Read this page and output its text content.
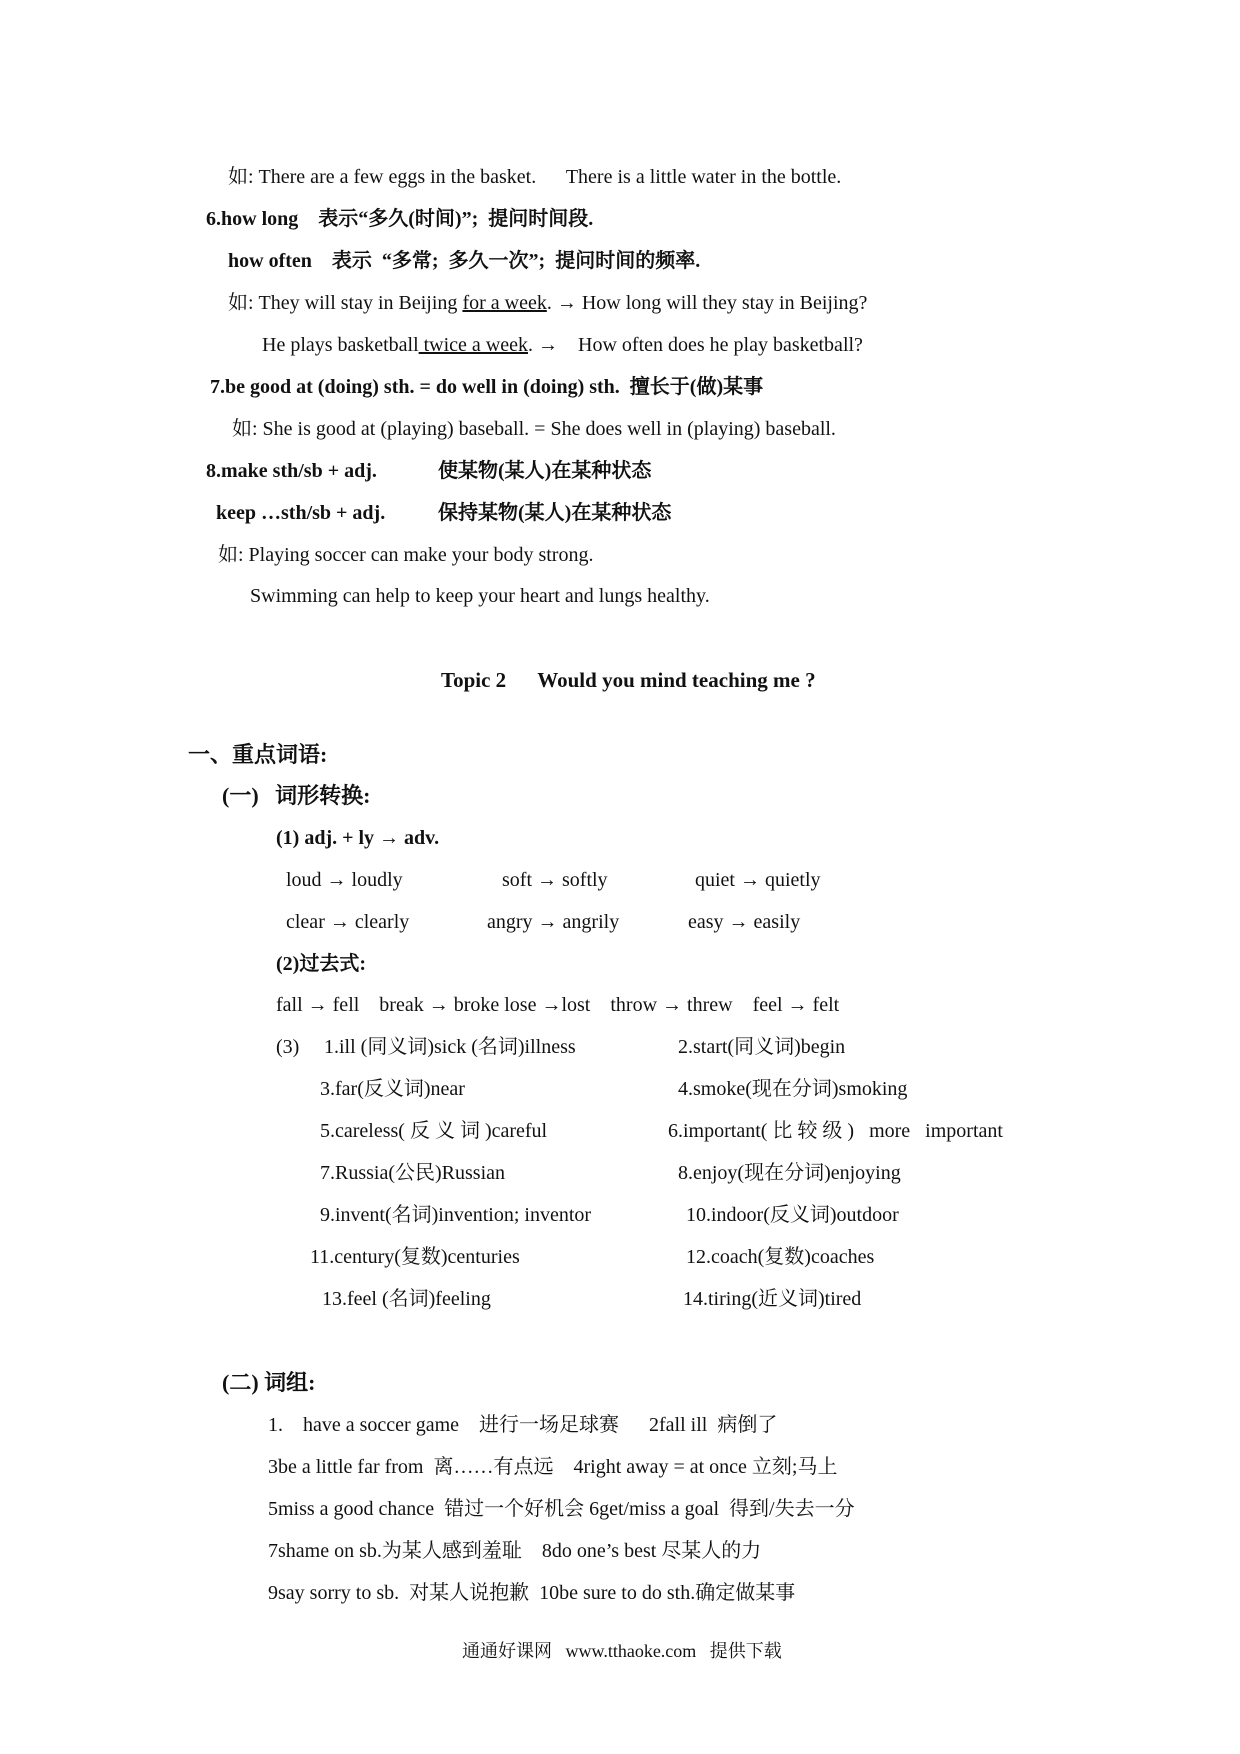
如: There are a few eggs in the basket.      There is a little water in the bottle.
6.how long    表示“多久(时间)”;  提问时间段.
how often    表示  “多常;  多久一次”;  提问时间的频率.
如: They will stay in Beijing for a week. → How long will they stay in Beijing?
He plays basketball twice a week. →    How often does he play basketball?
7.be good at (doing) sth. = do well in (doing) sth.  擅长于(做)某事
如: She is good at (playing) baseball. = She does well in (playing) baseball.
8.make sth/sb + adj.	使某物(某人)在某种状态
keep …sth/sb + adj.	保持某物(某人)在某种状态
如: Playing soccer can make your body strong.
Swimming can help to keep your heart and lungs healthy.
Topic 2      Would you mind teaching me ?
一、重点词语:
(一)   词形转换:
(1) adj. + ly → adv.
loud → loudly	soft → softly	quiet → quietly
clear → clearly	angry → angrily	easy → easily
(2)过去式:
fall → fell    break → broke lose →lost    throw → threw    feel → felt
(3) 1.ill (同义词)sick (名词)illness	2.start(同义词)begin
3.far(反义词)near	4.smoke(现在分词)smoking
5.careless( 反 义 词 )careful	6.important( 比 较 级 )   more   important
7.Russia(公民)Russian	8.enjoy(现在分词)enjoying
9.invent(名词)invention; inventor	10.indoor(反义词)outdoor
11.century(复数)centuries	12.coach(复数)coaches
13.feel (名词)feeling	14.tiring(近义词)tired
(二) 词组:
1.    have a soccer game    进行一场足球赛      2fall ill  病倒了
3be a little far from  离……有点远    4right away = at once 立刻;马上
5miss a good chance  错过一个好机会 6get/miss a goal  得到/失去一分
7shame on sb.为某人感到羞耻    8do one’s best 尽某人的力
9say sorry to sb.  对某人说抱歉  10be sure to do sth.确定做某事
通通好课网   www.tthaoke.com   提供下载
